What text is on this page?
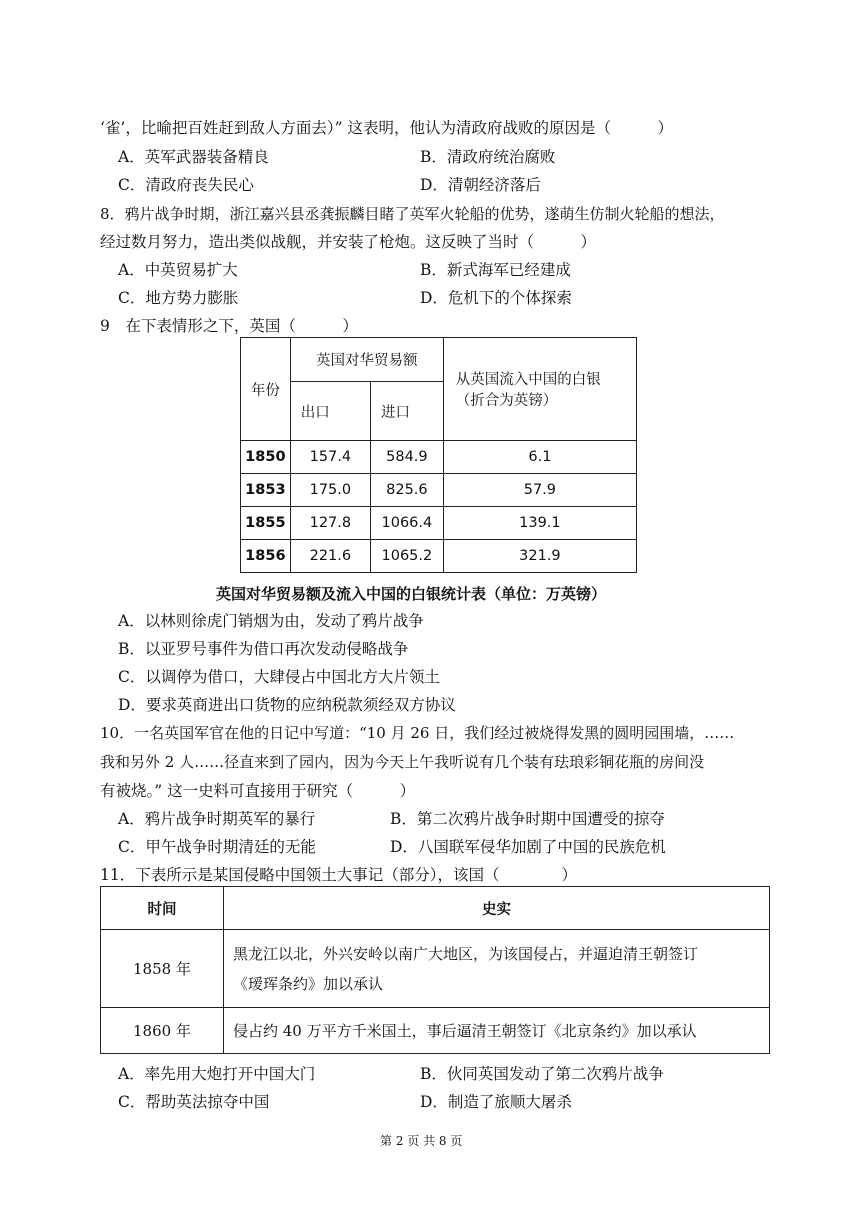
‘雀’，比喻把百姓赶到敌人方面去）” 这表明，他认为清政府战败的原因是（　　　）
A．英军武器装备精良	B．清政府统治腐败
C．清政府丧失民心	D．清朝经济落后
8．鸦片战争时期，浙江嘉兴县丞龚振麟目睹了英军火轮船的优势，遂萌生仿制火轮船的想法，
经过数月努力，造出类似战舰，并安装了枪炮。这反映了当时（　　　）
A．中英贸易扩大	B．新式海军已经建成
C．地方势力膨胀	D．危机下的个体探索
9　在下表情形之下，英国（　　　）
年份	英国对华贸易额		从英国流入中国的白银
（折合为英镑）

	出口	进口	
1850	157.4	584.9	6.1
1853	175.0	825.6	57.9
1855	127.8	1066.4	139.1
1856	221.6	1065.2	321.9
英国对华贸易额及流入中国的白银统计表（单位：万英镑）
A．以林则徐虎门销烟为由，发动了鸦片战争
B．以亚罗号事件为借口再次发动侵略战争
C．以调停为借口，大肆侵占中国北方大片领土
D．要求英商进出口货物的应纳税款须经双方协议
10．一名英国军官在他的日记中写道：“10 月 26 日，我们经过被烧得发黑的圆明园围墙，……
我和另外 2 人……径直来到了园内，因为今天上午我听说有几个装有珐琅彩铜花瓶的房间没
有被烧。” 这一史料可直接用于研究（　　　）
A．鸦片战争时期英军的暴行	B．第二次鸦片战争时期中国遭受的掠夺
C．甲午战争时期清廷的无能	D．八国联军侵华加剧了中国的民族危机
11．下表所示是某国侵略中国领土大事记（部分），该国（　　　　）
时间	史实
1858 年	黑龙江以北，外兴安岭以南广大地区，为该国侵占，并逼迫清王朝签订
《瑷珲条约》加以承认

1860 年	侵占约 40 万平方千米国土，事后逼清王朝签订《北京条约》加以承认
A．率先用大炮打开中国大门	B．伙同英国发动了第二次鸦片战争
C．帮助英法掠夺中国	D．制造了旅顺大屠杀
第 2 页 共 8 页
